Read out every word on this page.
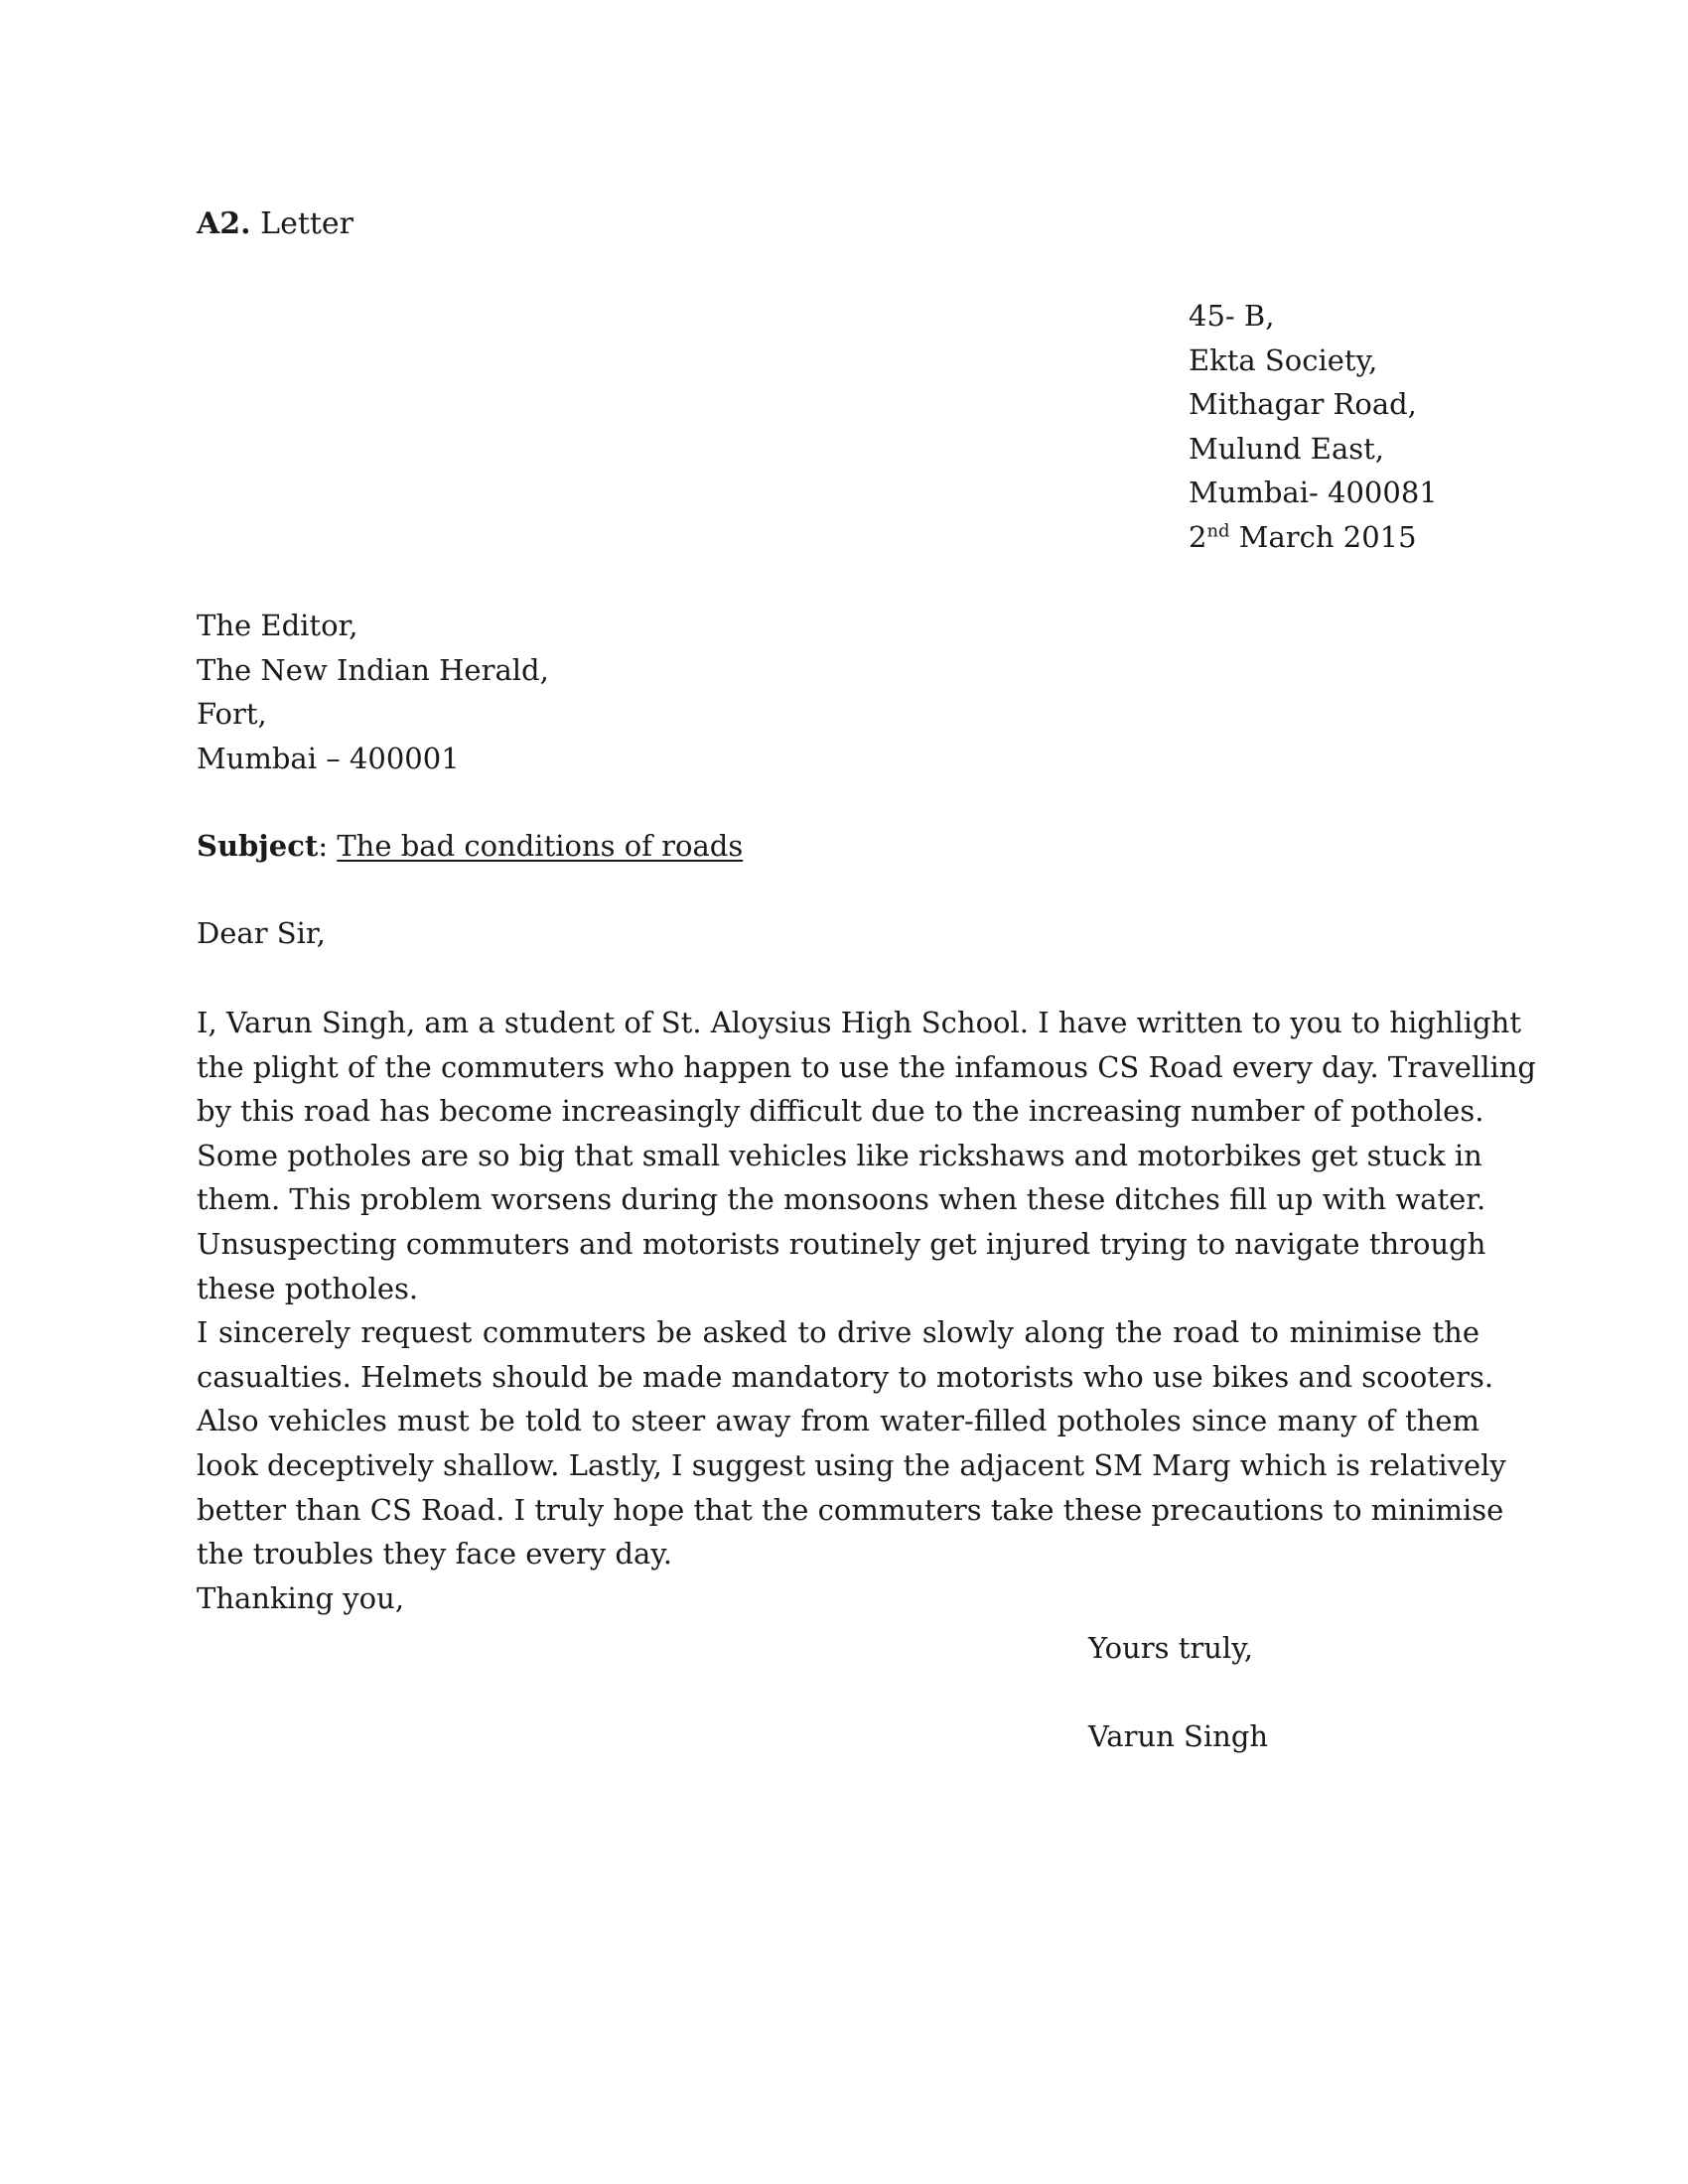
A2. Letter
45- B,
Ekta Society,
Mithagar Road,
Mulund East,
Mumbai- 400081
2nd March 2015
The Editor,
The New Indian Herald,
Fort,
Mumbai – 400001
Subject: The bad conditions of roads
Dear Sir,
I, Varun Singh, am a student of St. Aloysius High School. I have written to you to highlight
the plight of the commuters who happen to use the infamous CS Road every day. Travelling
by this road has become increasingly difficult due to the increasing number of potholes.
Some potholes are so big that small vehicles like rickshaws and motorbikes get stuck in
them. This problem worsens during the monsoons when these ditches fill up with water.
Unsuspecting commuters and motorists routinely get injured trying to navigate through
these potholes.
I sincerely request commuters be asked to drive slowly along the road to minimise the
casualties. Helmets should be made mandatory to motorists who use bikes and scooters.
Also vehicles must be told to steer away from water-filled potholes since many of them
look deceptively shallow. Lastly, I suggest using the adjacent SM Marg which is relatively
better than CS Road. I truly hope that the commuters take these precautions to minimise
the troubles they face every day.
Thanking you,
Yours truly,
Varun Singh
